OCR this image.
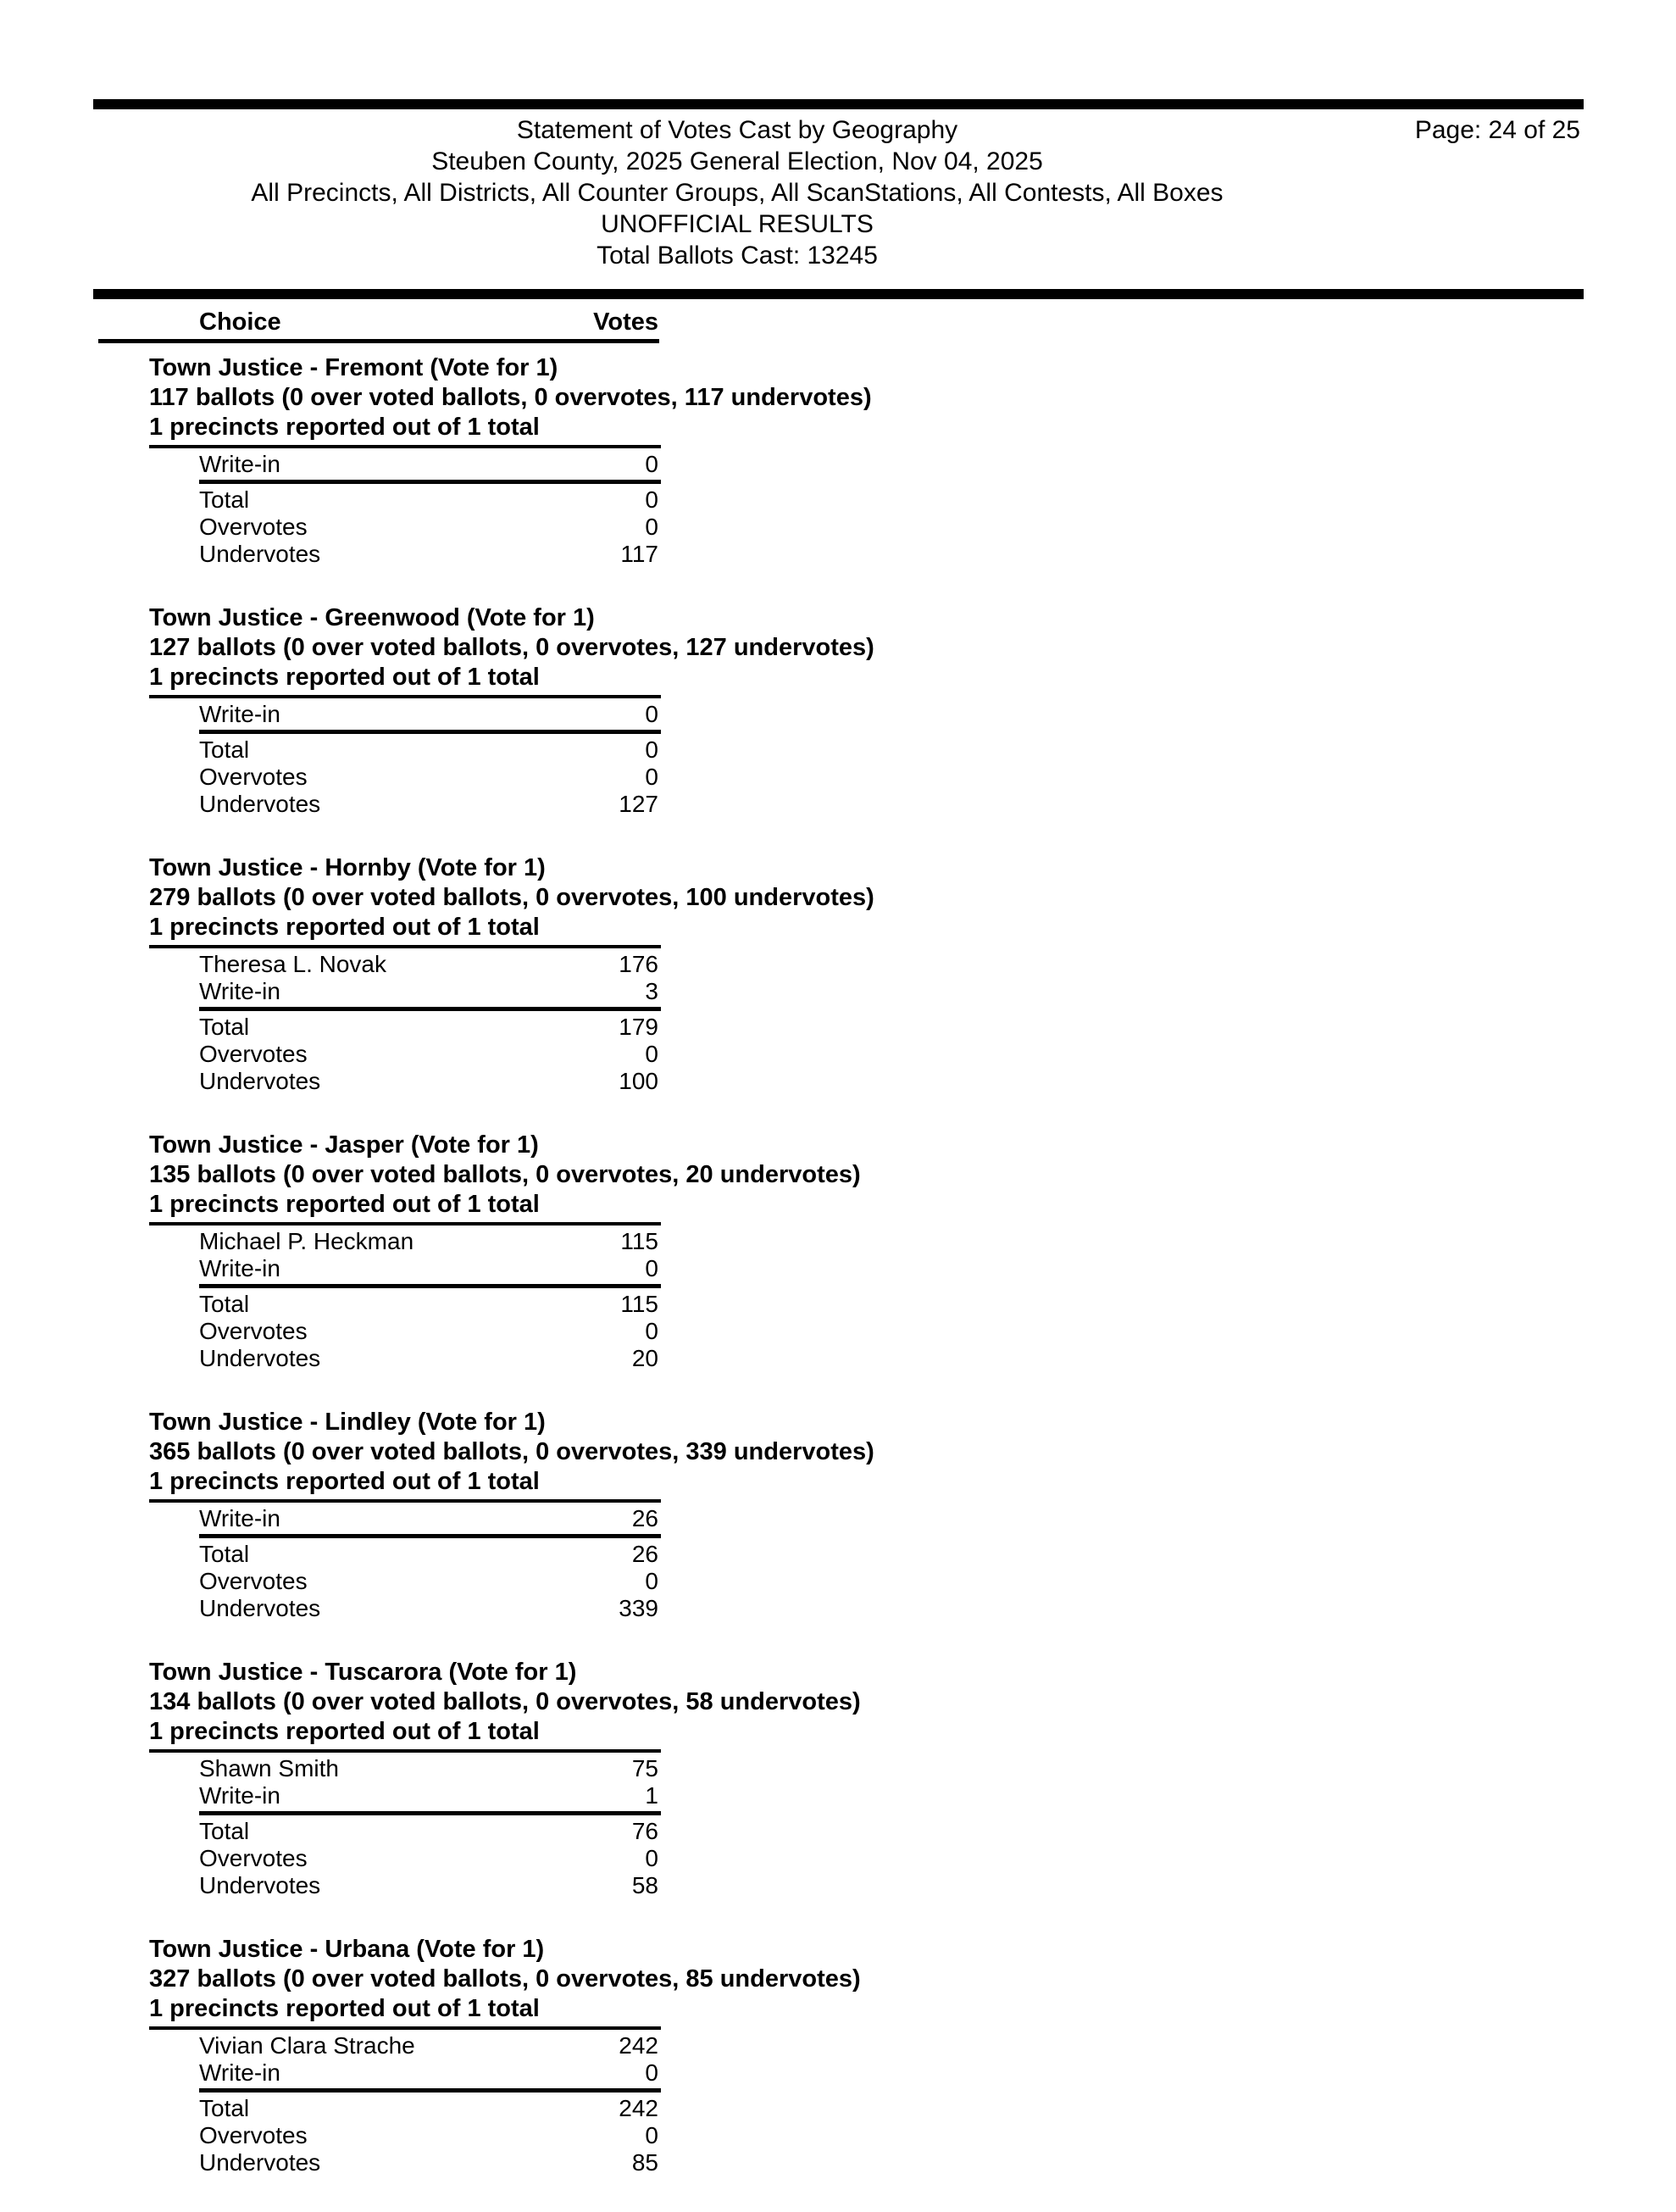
Statement of Votes Cast by Geography
Steuben County, 2025 General Election, Nov 04, 2025
All Precincts, All Districts, All Counter Groups, All ScanStations, All Contests, All Boxes
UNOFFICIAL RESULTS
Total Ballots Cast: 13245
Page: 24 of 25
Choice	Votes
Town Justice - Fremont (Vote for 1)
117 ballots (0 over voted ballots, 0 overvotes, 117 undervotes)
1 precincts reported out of 1 total
Write-in	0
Total	0
Overvotes	0
Undervotes	117
Town Justice - Greenwood (Vote for 1)
127 ballots (0 over voted ballots, 0 overvotes, 127 undervotes)
1 precincts reported out of 1 total
Write-in	0
Total	0
Overvotes	0
Undervotes	127
Town Justice - Hornby (Vote for 1)
279 ballots (0 over voted ballots, 0 overvotes, 100 undervotes)
1 precincts reported out of 1 total
Theresa L. Novak	176
Write-in	3
Total	179
Overvotes	0
Undervotes	100
Town Justice - Jasper (Vote for 1)
135 ballots (0 over voted ballots, 0 overvotes, 20 undervotes)
1 precincts reported out of 1 total
Michael P. Heckman	115
Write-in	0
Total	115
Overvotes	0
Undervotes	20
Town Justice - Lindley (Vote for 1)
365 ballots (0 over voted ballots, 0 overvotes, 339 undervotes)
1 precincts reported out of 1 total
Write-in	26
Total	26
Overvotes	0
Undervotes	339
Town Justice - Tuscarora (Vote for 1)
134 ballots (0 over voted ballots, 0 overvotes, 58 undervotes)
1 precincts reported out of 1 total
Shawn Smith	75
Write-in	1
Total	76
Overvotes	0
Undervotes	58
Town Justice - Urbana (Vote for 1)
327 ballots (0 over voted ballots, 0 overvotes, 85 undervotes)
1 precincts reported out of 1 total
Vivian Clara Strache	242
Write-in	0
Total	242
Overvotes	0
Undervotes	85
